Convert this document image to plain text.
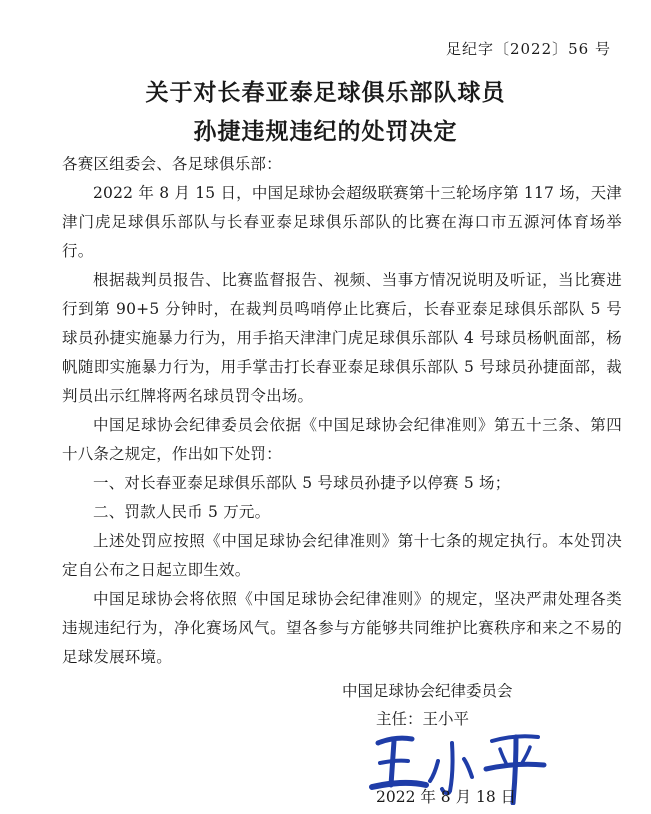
足纪字〔2022〕56 号
关于对长春亚泰足球俱乐部队球员
孙捷违规违纪的处罚决定

各赛区组委会、各足球俱乐部：

2022 年 8 月 15 日，中国足球协会超级联赛第十三轮场序第 117 场，天津津门虎足球俱乐部队与长春亚泰足球俱乐部队的比赛在海口市五源河体育场举行。

根据裁判员报告、比赛监督报告、视频、当事方情况说明及听证，当比赛进行到第 90+5 分钟时，在裁判员鸣哨停止比赛后，长春亚泰足球俱乐部队 5 号球员孙捷实施暴力行为，用手掐天津津门虎足球俱乐部队 4 号球员杨帆面部，杨帆随即实施暴力行为，用手掌击打长春亚泰足球俱乐部队 5 号球员孙捷面部，裁判员出示红牌将两名球员罚令出场。

中国足球协会纪律委员会依据《中国足球协会纪律准则》第五十三条、第四十八条之规定，作出如下处罚：

一、对长春亚泰足球俱乐部队 5 号球员孙捷予以停赛 5 场；

二、罚款人民币 5 万元。

上述处罚应按照《中国足球协会纪律准则》第十七条的规定执行。本处罚决定自公布之日起立即生效。

中国足球协会将依照《中国足球协会纪律准则》的规定，坚决严肃处理各类违规违纪行为，净化赛场风气。望各参与方能够共同维护比赛秩序和来之不易的足球发展环境。

中国足球协会纪律委员会
主任：王小平
2022 年 8 月 18 日
